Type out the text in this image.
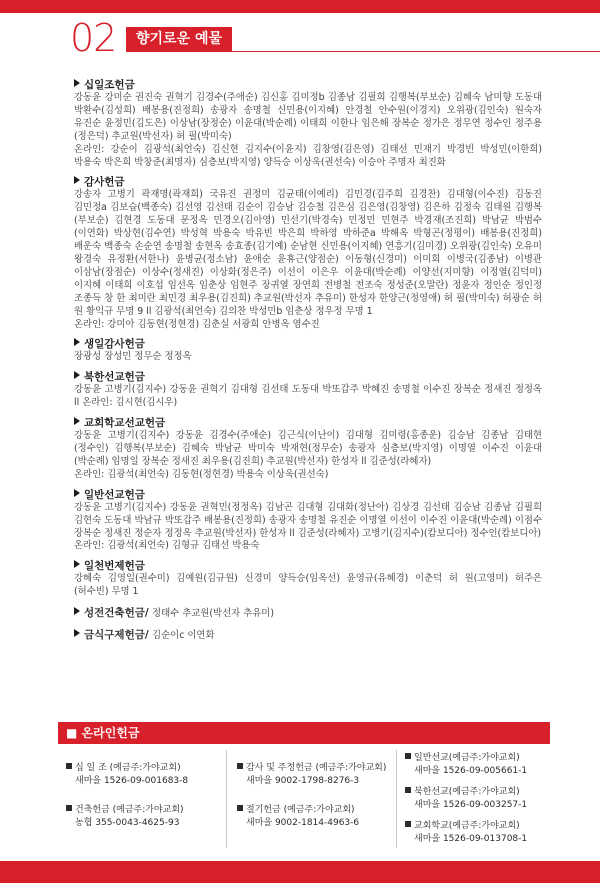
02	향기로운 예물
십일조헌금
강동윤 강미순 권진숙 권혁기 김경수(주애순) 김신홍 김미정b 김종남 김필희 김행복(부보순) 김혜숙 남미향 도동대 박환수(김성희) 배봉용(진정희) 송광자 송명철 신민용(이지혜) 안경철 안수원(이경지) 오위광(김인숙) 원숙자 유진순 윤정민(김도은) 이상남(장정순) 이윤대(박순례) 이태희 이한나 임은해 장복순 정가은 정무연 정수인 정주용(정은덕) 추교원(박선자) 허 필(박미숙)
온라인: 강순이 김광석(최언숙) 김신현 김지수(이윤지) 김창영(김은영) 김태선 민재기 박경빈 박성민(이한희) 박용숙 박은희 박창준(최명자) 심층보(박지영) 양득승 이상욱(권선숙) 이승아 주명자 최진화
감사헌금
강송자 고병기 곽재명(곽재희) 국유진 권정미 김균태(이예리) 김민경(김주희 김경찬) 김대형(이수진) 김동진 김민정a 김보습(백종숙) 김선영 김선태 김순이 김승남 김승철 김은심 김은영(김창영) 김은하 김정숙 김태원 김행복(부보순) 김현경 도동대 문정옥 민경오(김아영) 민선기(박경숙) 민정민 민현주 박경재(조진희) 박남균 박범수(이연화) 박상현(김수연) 박성혁 박용숙 박유빈 박은희 박하영 박하준a 박해옥 박형곤(정평이) 배봉용(진정희) 배운숙 백종숙 손순연 송명철 송현옥 송효종(김기예) 순남현 신민용(이지혜) 연흥기(김미경) 오위광(김인숙) 오유미 왕경숙 유정환(서한나) 윤병균(정소남) 윤애순 윤휴근(양점순) 이동형(신경미) 이미희 이병국(김종남) 이병관 이삼남(장점순) 이상수(정새진) 이상화(정은주) 이선이 이은우 이윤대(박순례) 이양선(지미향) 이정열(김덕미) 이지혜 이태희 이호섭 임선옥 임춘상 임현주 장귀열 장연희 전병철 전조숙 정성준(오말란) 정윤자 정인순 정인정 조종득 창 한 최미란 최민경 최우용(김진희) 추교원(박선자 추유미) 한성자 한양근(정영애) 허 필(박미숙) 허광순 허 원 황익규 무명 9 ll 김광석(최언숙) 김의찬 박성민b 임춘상 정우정 무명 1
온라인: 강미아 김동현(정현경) 김춘실 서광희 안병옥 염수진
생일감사헌금
장광성 장성민 정무순 정정옥
북한선교헌금
강동윤 고병기(김지수) 강동윤 권혁기 김대형 김선태 도동대 박또갑주 박혜진 송명철 이수진 장복순 정새진 정정옥 ll 온라인: 김시현(김시우)
교회학교선교헌금
강동윤 고병기(김지수) 강동윤 김경수(주애순) 김근식(이난이) 김대형 김미령(홍종운) 김승남 김종남 김태현(정수인) 김행복(부보순) 김혜숙 박남균 박미숙 박재현(정무순) 송광자 심층보(박지영) 이명열 이수진 이윤대(박순례) 임명일 장복순 정새진 최우용(김진희) 추교원(박선자) 한성자 ll 김준성(라혜자)
온라인: 김광석(최언숙) 김동현(정현경) 박용숙 이상욱(권선숙)
일반선교헌금
강동윤 고병기(김지수) 강동윤 권혁민(정정옥) 김남곤 김대형 김대화(정난아) 김상경 김선태 김승남 김종남 김필희 김현숙 도동대 박남규 박또갑주 배봉용(진정희) 송광자 송명철 유진순 이명열 이선이 이수진 이윤대(박순례) 이점수 장복순 정새진 정순자 정정옥 추교원(박선자) 한성자 ll 김준성(라혜자) 고병기(김지수)(캄보디아) 정수인(캄보디아)
온라인: 김광석(최언숙) 김형규 김태선 박용숙
일천번제헌금
강혜숙 김영일(권수미) 김예원(김규원) 신경미 양득승(임옥선) 윤영규(유혜경) 이춘덕 허 원(고영미) 허주은(허수빈) 무명 1
성전건축헌금/ 정태수 추교원(박선자 추유미)
금식구제헌금/ 김순이c 이연화
■ 온라인헌금
십 일 조 (예금주:가야교회)
새마을 1526-09-001683-8
건축헌금 (예금주:가야교회)
농협 355-0043-4625-93
감사 및 주정헌금 (예금주:가야교회)
새마을 9002-1798-8276-3
절기헌금 (예금주:가야교회)
새마을 9002-1814-4963-6
일반선교(예금주:가야교회)
새마을 1526-09-005661-1
북한선교(예금주:가야교회)
새마을 1526-09-003257-1
교회학교(예금주:가야교회)
새마을 1526-09-013708-1
